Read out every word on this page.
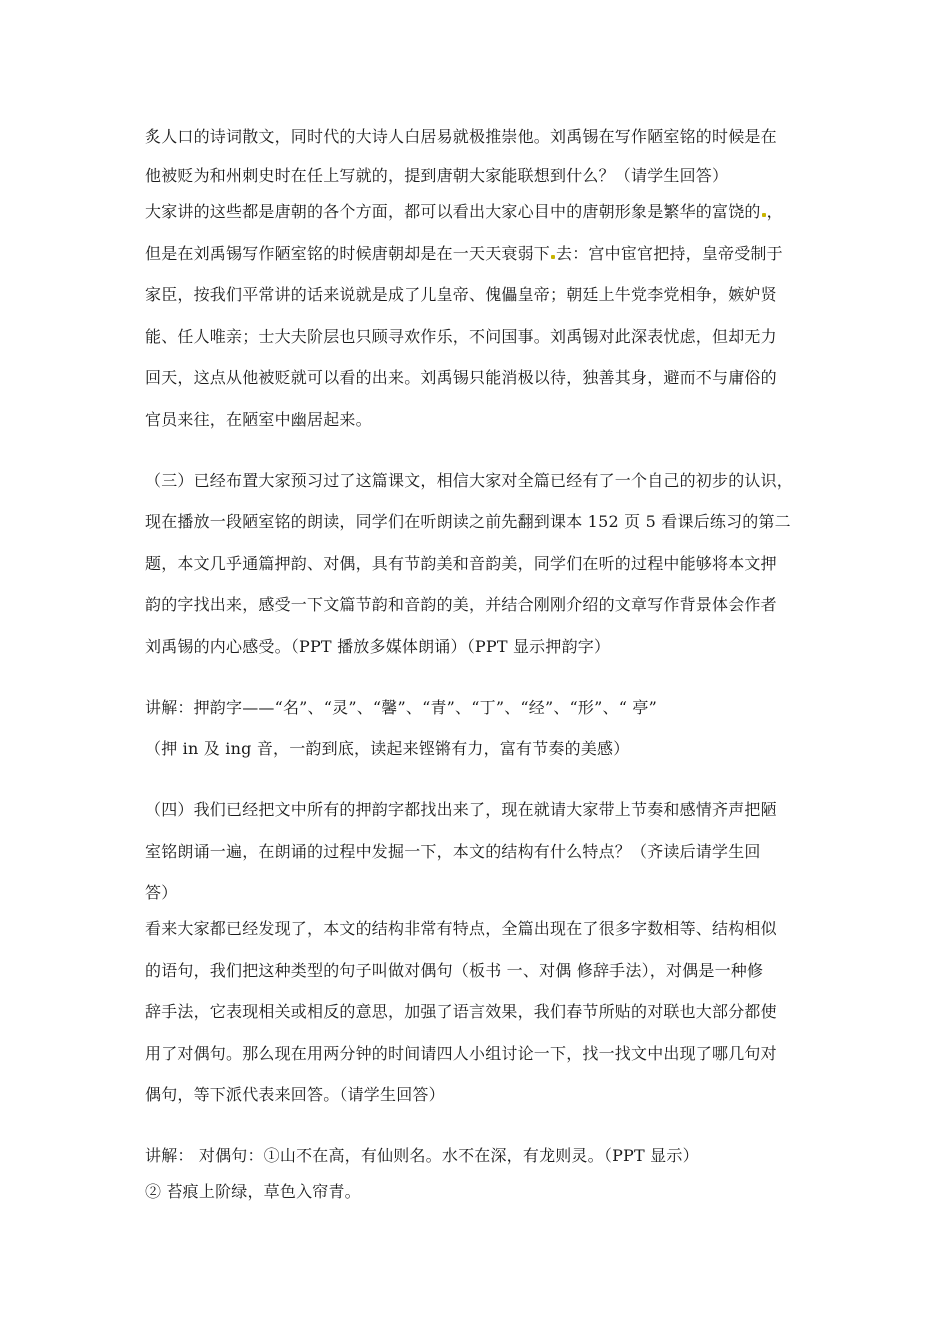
炙人口的诗词散文，同时代的大诗人白居易就极推崇他。刘禹锡在写作陋室铭的时候是在
他被贬为和州刺史时在任上写就的，提到唐朝大家能联想到什么？（请学生回答）
大家讲的这些都是唐朝的各个方面，都可以看出大家心目中的唐朝形象是繁华的富饶的 ，
但是在刘禹锡写作陋室铭的时候唐朝却是在一天天衰弱下 去：宫中宦官把持，皇帝受制于
家臣，按我们平常讲的话来说就是成了儿皇帝、傀儡皇帝；朝廷上牛党李党相争，嫉妒贤
能、任人唯亲；士大夫阶层也只顾寻欢作乐，不问国事。刘禹锡对此深表忧虑，但却无力
回天，这点从他被贬就可以看的出来。刘禹锡只能消极以待，独善其身，避而不与庸俗的
官员来往，在陋室中幽居起来。
（三）已经布置大家预习过了这篇课文，相信大家对全篇已经有了一个自己的初步的认识，
现在播放一段陋室铭的朗读，同学们在听朗读之前先翻到课本 152 页 5 看课后练习的第二
题，本文几乎通篇押韵、对偶，具有节韵美和音韵美，同学们在听的过程中能够将本文押
韵的字找出来，感受一下文篇节韵和音韵的美，并结合刚刚介绍的文章写作背景体会作者
刘禹锡的内心感受。（PPT 播放多媒体朗诵）（PPT 显示押韵字）
讲解：押韵字——“名”、“灵”、“馨”、“青”、“丁”、“经”、“形”、“ 亭”
（押 in 及 ing 音，一韵到底，读起来铿锵有力，富有节奏的美感）
（四）我们已经把文中所有的押韵字都找出来了，现在就请大家带上节奏和感情齐声把陋
室铭朗诵一遍，在朗诵的过程中发掘一下，本文的结构有什么特点？（齐读后请学生回
答）
看来大家都已经发现了，本文的结构非常有特点，全篇出现在了很多字数相等、结构相似
的语句，我们把这种类型的句子叫做对偶句（板书 一、对偶 修辞手法），对偶是一种修
辞手法，它表现相关或相反的意思，加强了语言效果，我们春节所贴的对联也大部分都使
用了对偶句。那么现在用两分钟的时间请四人小组讨论一下，找一找文中出现了哪几句对
偶句，等下派代表来回答。（请学生回答）
讲解： 对偶句：①山不在高，有仙则名。水不在深，有龙则灵。（PPT 显示）
② 苔痕上阶绿，草色入帘青。
